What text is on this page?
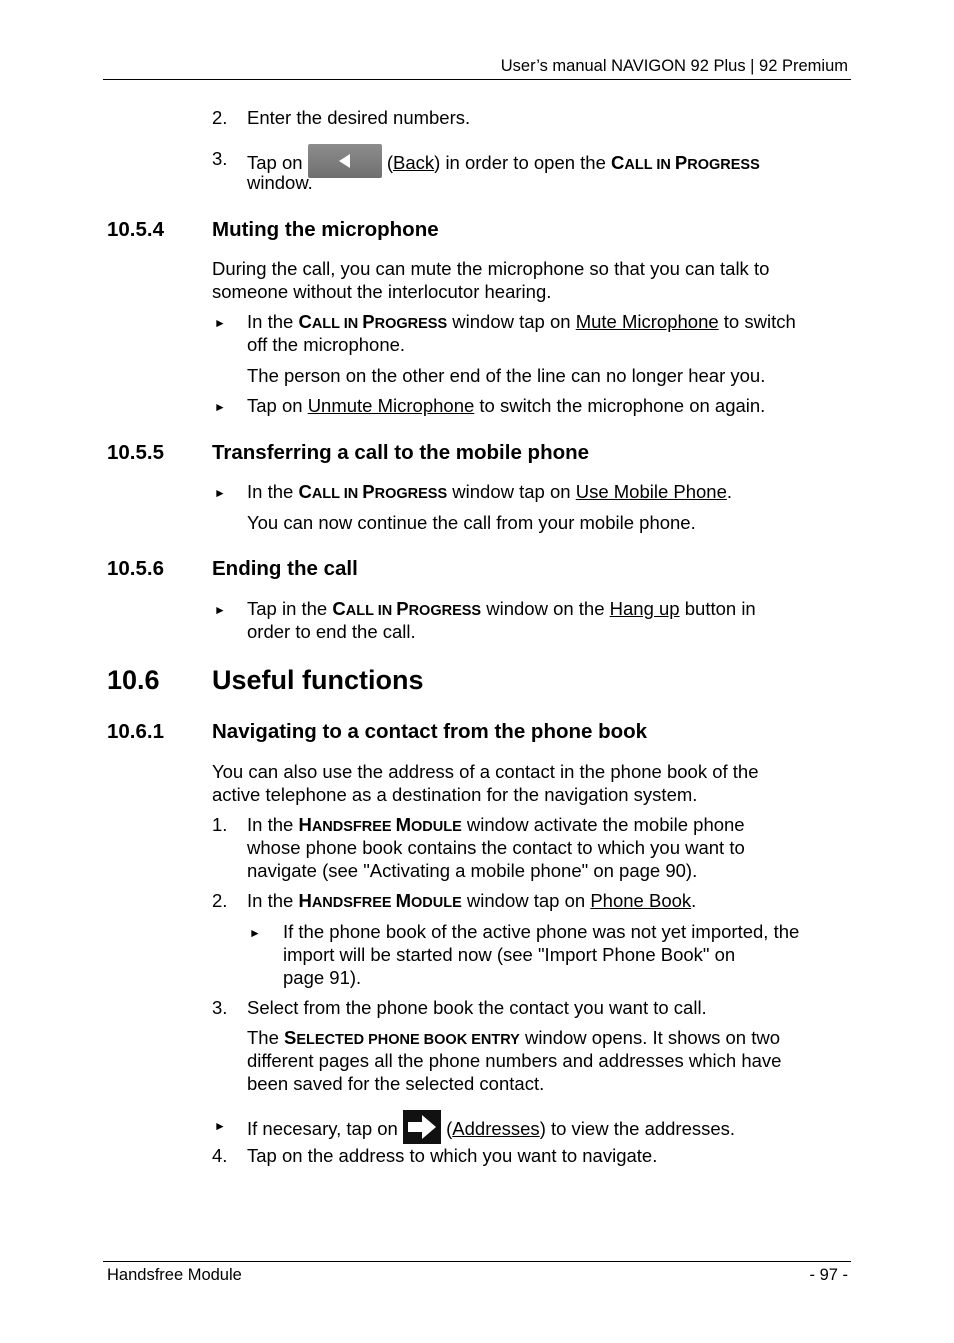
User’s manual NAVIGON 92 Plus | 92 Premium
2. Enter the desired numbers.
3. Tap on	(Back) in order to open the CALL IN PROGRESS
window.
10.5.4 Muting the microphone
During the call, you can mute the microphone so that you can talk to
someone without the interlocutor hearing.
► In the CALL IN PROGRESS window tap on Mute Microphone to switch
off the microphone.
The person on the other end of the line can no longer hear you.
► Tap on Unmute Microphone to switch the microphone on again.
10.5.5 Transferring a call to the mobile phone
► In the CALL IN PROGRESS window tap on Use Mobile Phone.
You can now continue the call from your mobile phone.
10.5.6 Ending the call
► Tap in the CALL IN PROGRESS window on the Hang up button in
order to end the call.
10.6 Useful functions
10.6.1 Navigating to a contact from the phone book
You can also use the address of a contact in the phone book of the
active telephone as a destination for the navigation system.
1. In the HANDSFREE MODULE window activate the mobile phone
whose phone book contains the contact to which you want to
navigate (see "Activating a mobile phone" on page 90).
2. In the HANDSFREE MODULE window tap on Phone Book.
► If the phone book of the active phone was not yet imported, the
import will be started now (see "Import Phone Book" on
page 91).
3. Select from the phone book the contact you want to call.
The SELECTED PHONE BOOK ENTRY window opens. It shows on two
different pages all the phone numbers and addresses which have
been saved for the selected contact.
► If necesary, tap on  (Addresses) to view the addresses.
4. Tap on the address to which you want to navigate.
Handsfree Module	- 97 -
